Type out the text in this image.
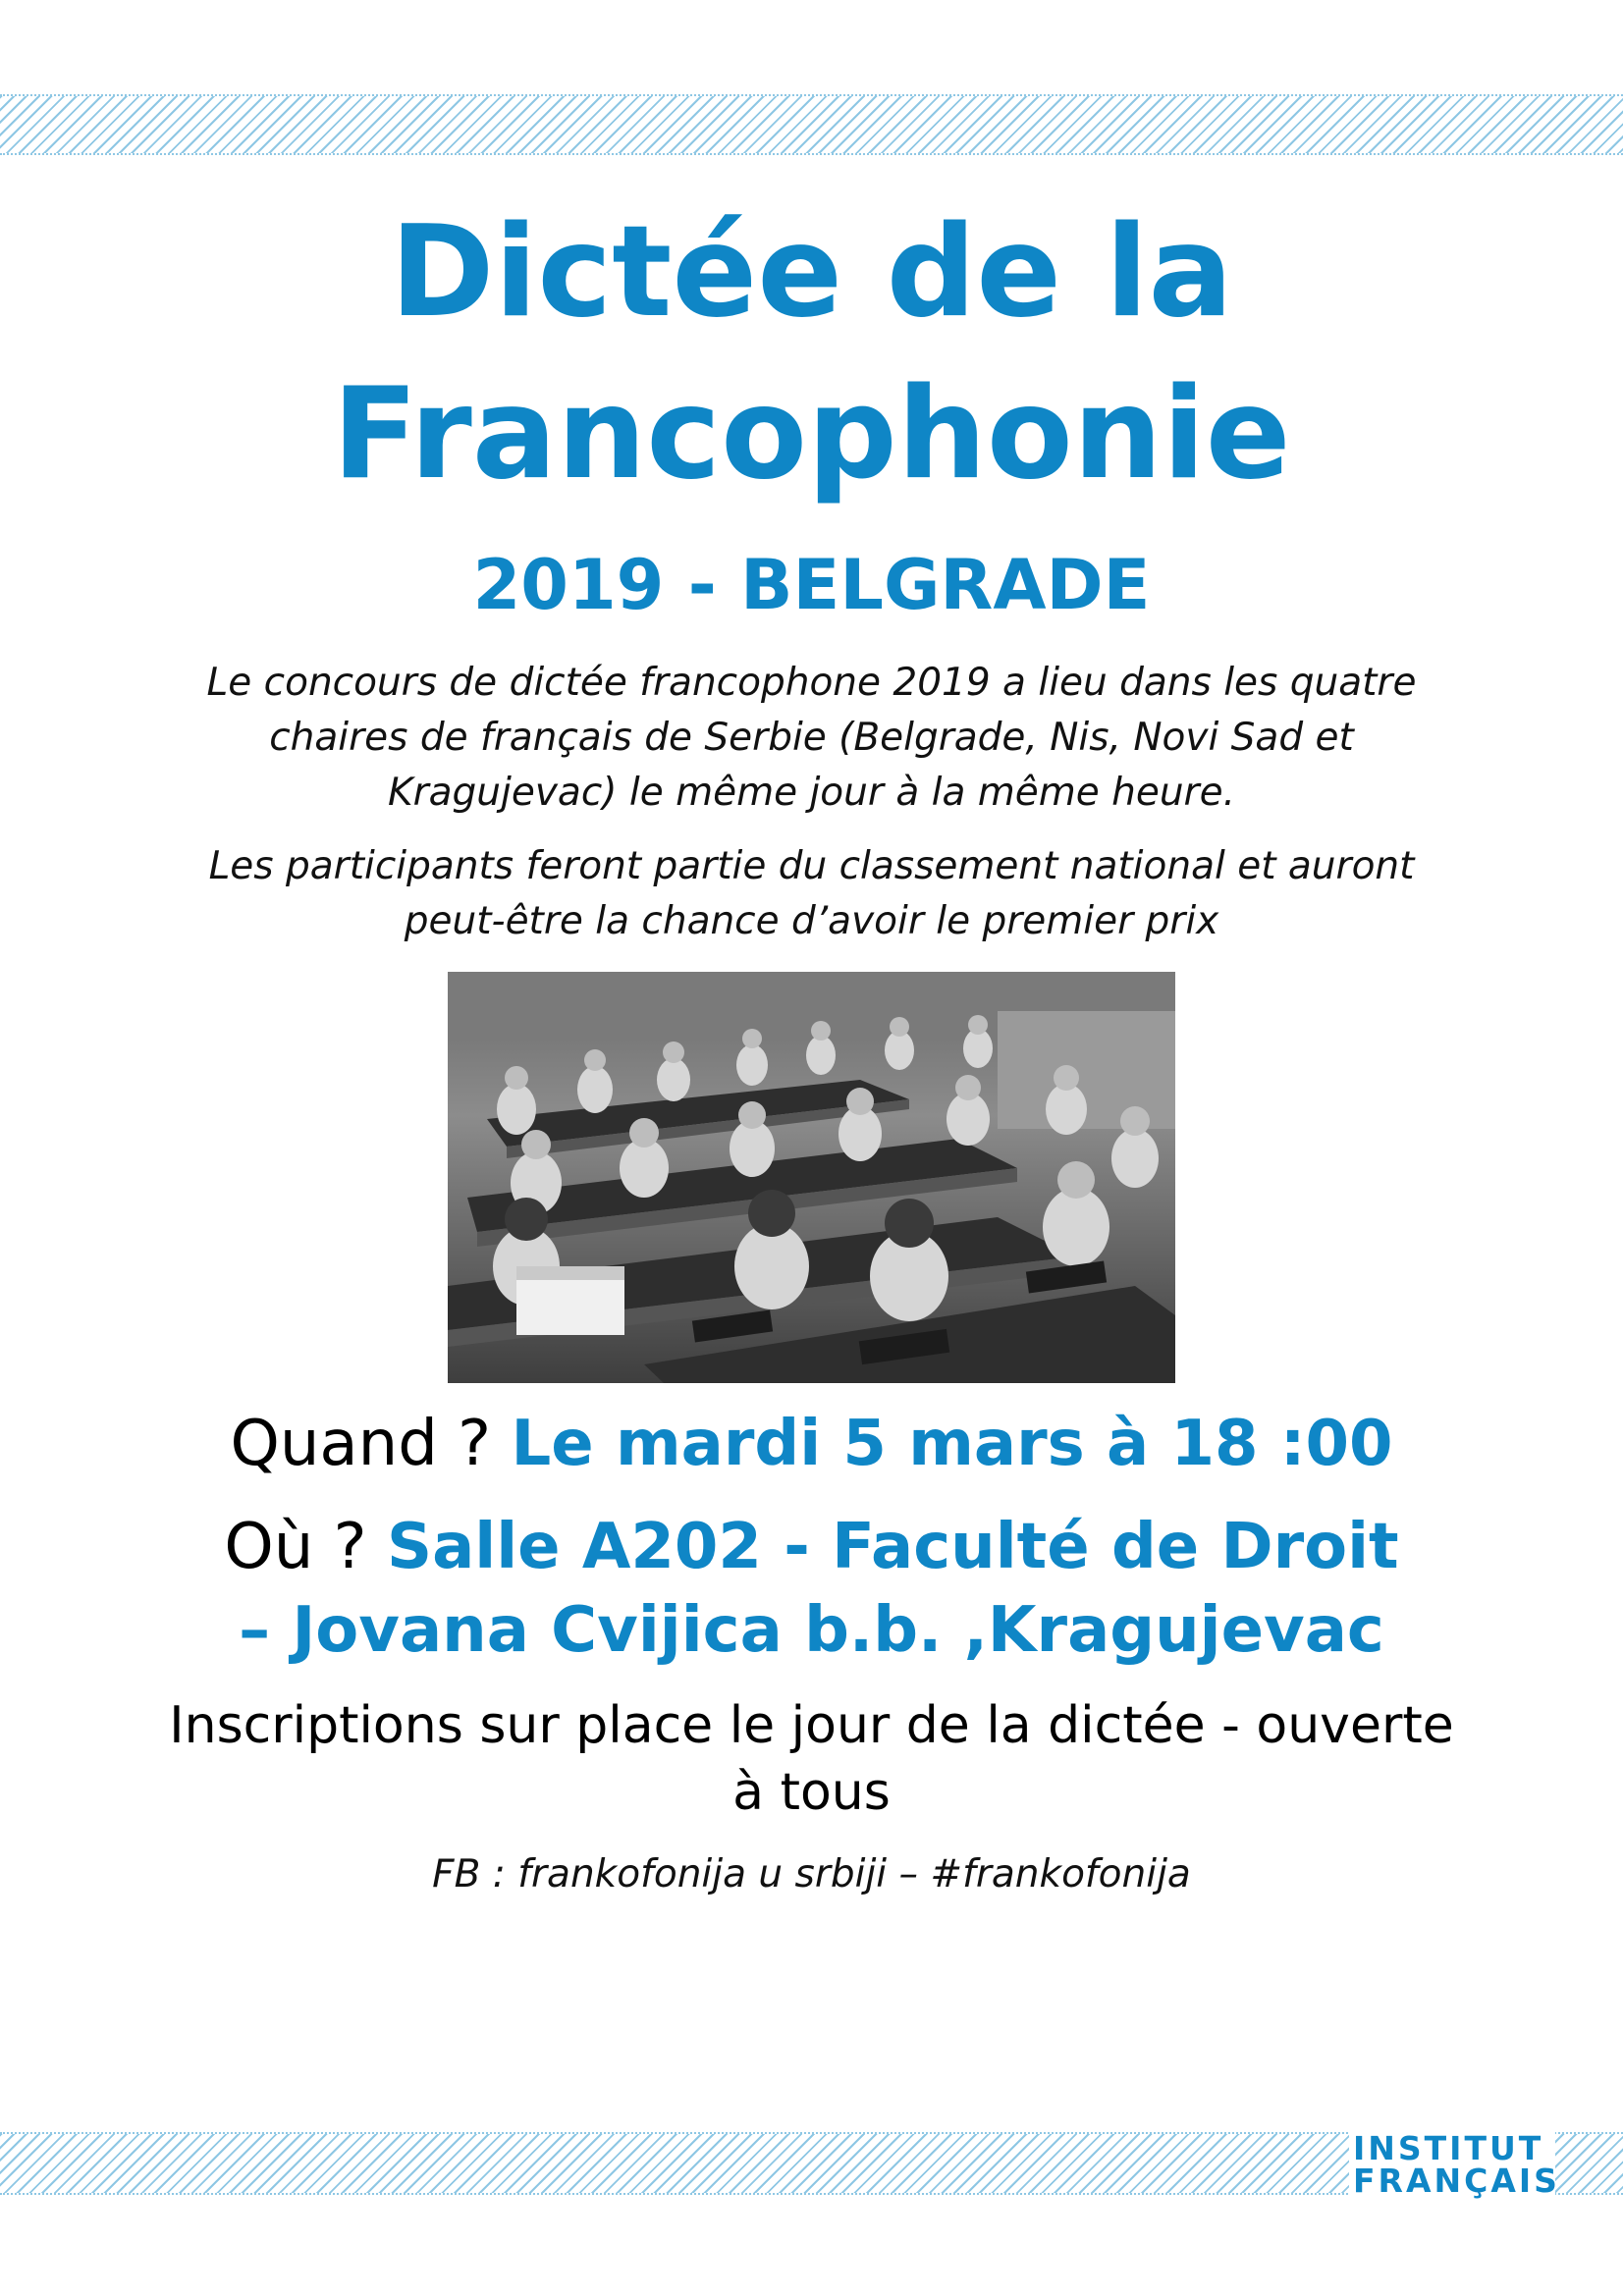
Dictée de la
Francophonie
2019 - BELGRADE
Le concours de dictée francophone 2019 a lieu dans les quatre chaires de français de Serbie (Belgrade, Nis, Novi Sad et Kragujevac) le même jour à la même heure.
Les participants feront partie du classement national et auront peut-être la chance d’avoir le premier prix
Quand ? Le mardi 5 mars à 18 :00
Où ? Salle A202 - Faculté de Droit
– Jovana Cvijica b.b. ,Kragujevac
Inscriptions sur place le jour de la dictée - ouverte à tous
FB : frankofonija u srbiji – #frankofonija
INSTITUT
FRANÇAIS
